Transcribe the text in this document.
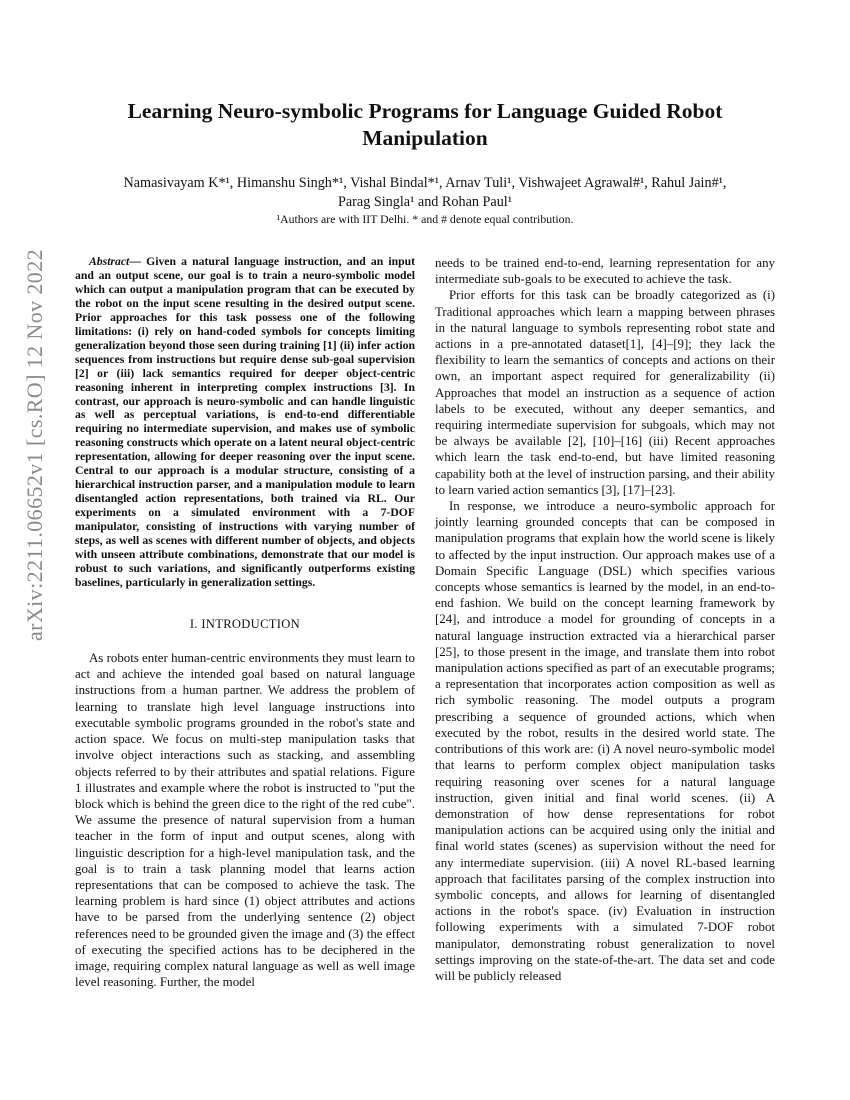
arXiv:2211.06652v1 [cs.RO] 12 Nov 2022
Learning Neuro-symbolic Programs for Language Guided Robot Manipulation
Namasivayam K*¹, Himanshu Singh*¹, Vishal Bindal*¹, Arnav Tuli¹, Vishwajeet Agrawal#¹, Rahul Jain#¹,
Parag Singla¹ and Rohan Paul¹
¹Authors are with IIT Delhi. * and # denote equal contribution.

Abstract— Given a natural language instruction, and an input and an output scene, our goal is to train a neuro-symbolic model which can output a manipulation program that can be executed by the robot on the input scene resulting in the desired output scene. Prior approaches for this task possess one of the following limitations: (i) rely on hand-coded symbols for concepts limiting generalization beyond those seen during training [1] (ii) infer action sequences from instructions but require dense sub-goal supervision [2] or (iii) lack semantics required for deeper object-centric reasoning inherent in interpreting complex instructions [3]. In contrast, our approach is neuro-symbolic and can handle linguistic as well as perceptual variations, is end-to-end differentiable requiring no intermediate supervision, and makes use of symbolic reasoning constructs which operate on a latent neural object-centric representation, allowing for deeper reasoning over the input scene. Central to our approach is a modular structure, consisting of a hierarchical instruction parser, and a manipulation module to learn disentangled action representations, both trained via RL. Our experiments on a simulated environment with a 7-DOF manipulator, consisting of instructions with varying number of steps, as well as scenes with different number of objects, and objects with unseen attribute combinations, demonstrate that our model is robust to such variations, and significantly outperforms existing baselines, particularly in generalization settings.

I. INTRODUCTION

As robots enter human-centric environments they must learn to act and achieve the intended goal based on natural language instructions from a human partner. We address the problem of learning to translate high level language instructions into executable symbolic programs grounded in the robot's state and action space. We focus on multi-step manipulation tasks that involve object interactions such as stacking, and assembling objects referred to by their attributes and spatial relations. Figure 1 illustrates and example where the robot is instructed to "put the block which is behind the green dice to the right of the red cube". We assume the presence of natural supervision from a human teacher in the form of input and output scenes, along with linguistic description for a high-level manipulation task, and the goal is to train a task planning model that learns action representations that can be composed to achieve the task. The learning problem is hard since (1) object attributes and actions have to be parsed from the underlying sentence (2) object references need to be grounded given the image and (3) the effect of executing the specified actions has to be deciphered in the image, requiring complex natural language as well as well image level reasoning. Further, the model

needs to be trained end-to-end, learning representation for any intermediate sub-goals to be executed to achieve the task.

Prior efforts for this task can be broadly categorized as (i) Traditional approaches which learn a mapping between phrases in the natural language to symbols representing robot state and actions in a pre-annotated dataset[1], [4]–[9]; they lack the flexibility to learn the semantics of concepts and actions on their own, an important aspect required for generalizability (ii) Approaches that model an instruction as a sequence of action labels to be executed, without any deeper semantics, and requiring intermediate supervision for subgoals, which may not be always be available [2], [10]–[16] (iii) Recent approaches which learn the task end-to-end, but have limited reasoning capability both at the level of instruction parsing, and their ability to learn varied action semantics [3], [17]–[23].

In response, we introduce a neuro-symbolic approach for jointly learning grounded concepts that can be composed in manipulation programs that explain how the world scene is likely to affected by the input instruction. Our approach makes use of a Domain Specific Language (DSL) which specifies various concepts whose semantics is learned by the model, in an end-to-end fashion. We build on the concept learning framework by [24], and introduce a model for grounding of concepts in a natural language instruction extracted via a hierarchical parser [25], to those present in the image, and translate them into robot manipulation actions specified as part of an executable programs; a representation that incorporates action composition as well as rich symbolic reasoning. The model outputs a program prescribing a sequence of grounded actions, which when executed by the robot, results in the desired world state. The contributions of this work are: (i) A novel neuro-symbolic model that learns to perform complex object manipulation tasks requiring reasoning over scenes for a natural language instruction, given initial and final world scenes. (ii) A demonstration of how dense representations for robot manipulation actions can be acquired using only the initial and final world states (scenes) as supervision without the need for any intermediate supervision. (iii) A novel RL-based learning approach that facilitates parsing of the complex instruction into symbolic concepts, and allows for learning of disentangled actions in the robot's space. (iv) Evaluation in instruction following experiments with a simulated 7-DOF robot manipulator, demonstrating robust generalization to novel settings improving on the state-of-the-art. The data set and code will be publicly released
